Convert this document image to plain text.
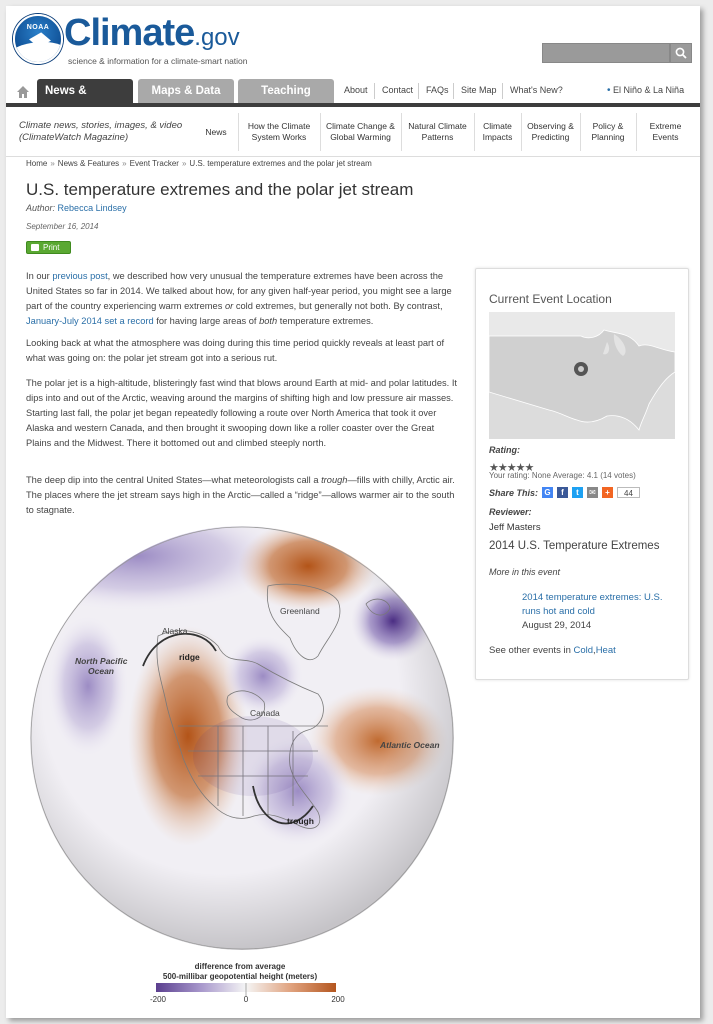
NOAA Climate.gov
science & information for a climate-smart nation
News &	Maps & Data	Teaching	About Contact FAQs Site Map What's New?	• El Niño & La Niña
Climate news, stories, images, & video (ClimateWatch Magazine)
News
How the Climate System Works
Climate Change & Global Warming
Natural Climate Patterns
Climate Impacts
Observing & Predicting
Policy & Planning
Extreme Events
Home » News & Features » Event Tracker » U.S. temperature extremes and the polar jet stream
U.S. temperature extremes and the polar jet stream
Author: Rebecca Lindsey
September 16, 2014
Print

In our previous post, we described how very unusual the temperature extremes have been across the United States so far in 2014. We talked about how, for any given half-year period, you might see a large part of the country experiencing warm extremes or cold extremes, but generally not both. By contrast, January-July 2014 set a record for having large areas of both temperature extremes.

Looking back at what the atmosphere was doing during this time period quickly reveals at least part of what was going on: the polar jet stream got into a serious rut.

The polar jet is a high-altitude, blisteringly fast wind that blows around Earth at mid- and polar latitudes. It dips into and out of the Arctic, weaving around the margins of shifting high and low pressure air masses. Starting last fall, the polar jet began repeatedly following a route over North America that took it over Alaska and western Canada, and then brought it swooping down like a roller coaster over the Great Plains and the Midwest. There it bottomed out and climbed steeply north.

The deep dip into the central United States—what meteorologists call a trough—fills with chilly, Arctic air. The places where the jet stream says high in the Arctic—called a “ridge”—allows warmer air to the south to stagnate.

Current Event Location
Rating:
★★★★★
Your rating: None Average: 4.1 (14 votes)
Share This: G	f	t	✉	+	44
Reviewer:
Jeff Masters
2014 U.S. Temperature Extremes
More in this event
2014 temperature extremes: U.S. runs hot and cold
August 29, 2014
See other events in Cold,Heat
Greenland
Alaska
ridge
North Pacific
Ocean
Canada
Atlantic Ocean
trough
difference from average
500-millibar geopotential height (meters)
-200	0	200
